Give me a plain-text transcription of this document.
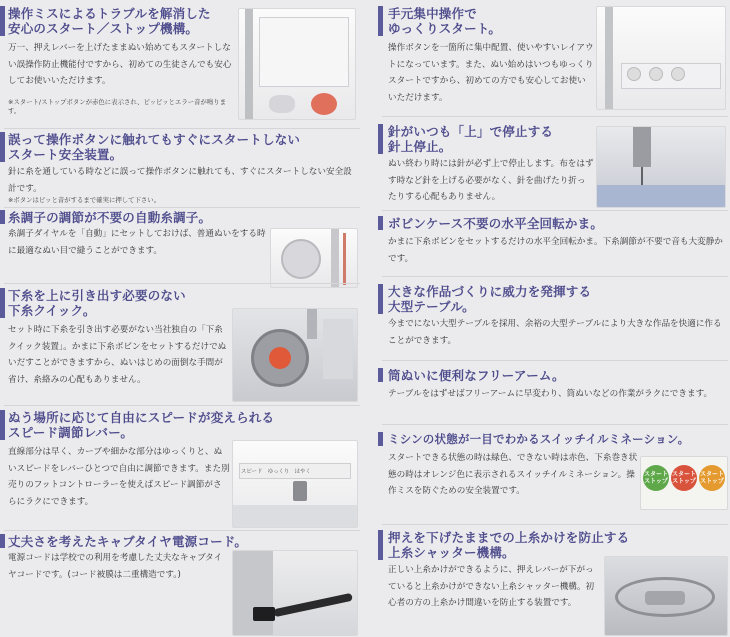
操作ミスによるトラブルを解消した
安心のスタート／ストップ機構。
万一、押えレバーを上げたままぬい始めてもスタートしない誤操作防止機能付ですから、初めての生徒さんでも安心してお使いいただけます。
※スタート/ストップボタンが赤色に表示され、ピッピッとエラー音が鳴ります。
誤って操作ボタンに触れてもすぐにスタートしない
スタート安全装置。
針に糸を通している時などに誤って操作ボタンに触れても、すぐにスタートしない安全設計です。
※ボタンはピッと音がするまで確実に押して下さい。
糸調子の調節が不要の自動糸調子。
糸調子ダイヤルを「自動」にセットしておけば、普通ぬいをする時に最適なぬい目で縫うことができます。
下糸を上に引き出す必要のない
下糸クイック。
セット時に下糸を引き出す必要がない当社独自の「下糸クイック装置」。かまに下糸ボビンをセットするだけでぬいだすことができますから、ぬいはじめの面倒な手間が省け、糸絡みの心配もありません。
ぬう場所に応じて自由にスピードが変えられる
スピード調節レバー。
直線部分は早く、カーブや細かな部分はゆっくりと、ぬいスピードをレバーひとつで自由に調節できます。また別売りのフットコントローラーを使えばスピード調節がさらにラクにできます。
スピード　ゆっくり　はやく
丈夫さを考えたキャブタイヤ電源コード。
電源コードは学校での利用を考慮した丈夫なキャブタイヤコードです。(コード被膜は二重構造です。)
手元集中操作で
ゆっくりスタート。
操作ボタンを一箇所に集中配置、使いやすいレイアウトになっています。また、ぬい始めはいつもゆっくりスタートですから、初めての方でも安心してお使いいただけます。
針がいつも「上」で停止する
針上停止。
ぬい終わり時には針が必ず上で停止します。布をはずす時など針を上げる必要がなく、針を曲げたり折ったりする心配もありません。
ボビンケース不要の水平全回転かま。
かまに下糸ボビンをセットするだけの水平全回転かま。下糸調節が不要で音も大変静かです。
大きな作品づくりに威力を発揮する
大型テーブル。
今までにない大型テーブルを採用、余裕の大型テーブルにより大きな作品を快適に作ることができます。
筒ぬいに便利なフリーアーム。
テーブルをはずせばフリーアームに早変わり、筒ぬいなどの作業がラクにできます。
ミシンの状態が一目でわかるスイッチイルミネーション。
スタートできる状態の時は緑色、できない時は赤色、下糸巻き状態の時はオレンジ色に表示されるスイッチイルミネーション。操作ミスを防ぐための安全装置です。
スタート
ストップ
スタート
ストップ
スタート
ストップ
押えを下げたままでの上糸かけを防止する
上糸シャッター機構。
正しい上糸かけができるように、押えレバーが下がっていると上糸かけができない上糸シャッター機構。初心者の方の上糸かけ間違いを防止する装置です。
